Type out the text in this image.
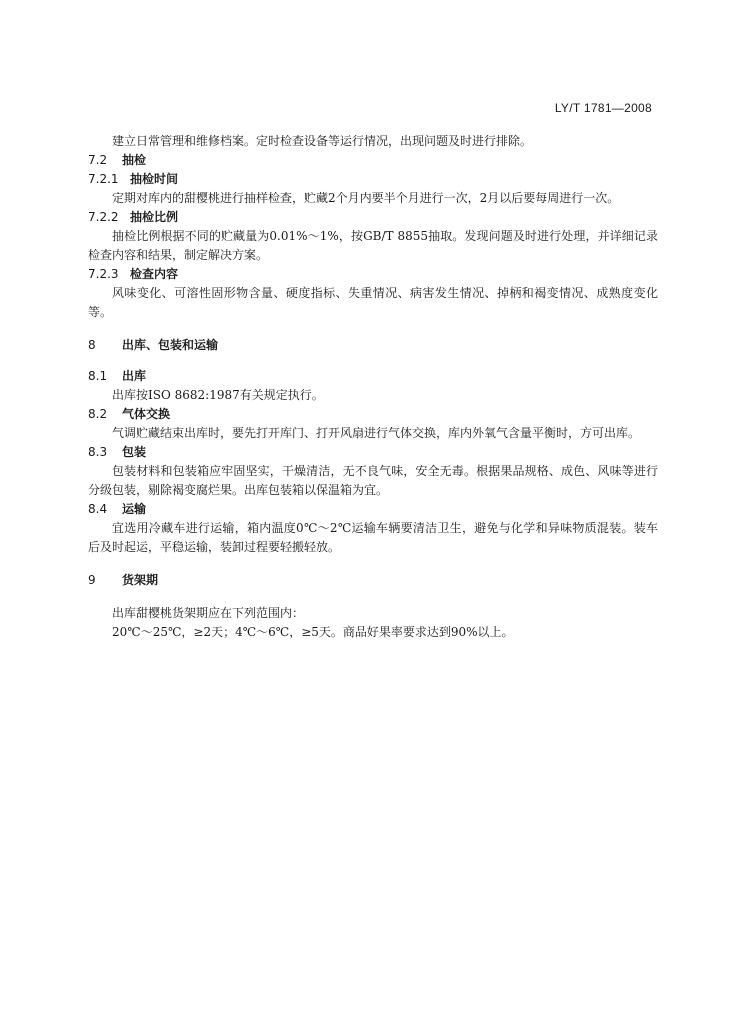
LY/T 1781—2008

建立日常管理和维修档案。定时检查设备等运行情况，出现问题及时进行排除。

7.2 抽检
7.2.1 抽检时间

定期对库内的甜樱桃进行抽样检查，贮藏2个月内要半个月进行一次，2月以后要每周进行一次。

7.2.2 抽检比例

抽检比例根据不同的贮藏量为0.01%～1%，按GB/T 8855抽取。发现问题及时进行处理，并详细记录检查内容和结果，制定解决方案。

7.2.3 检查内容

风味变化、可溶性固形物含量、硬度指标、失重情况、病害发生情况、掉柄和褐变情况、成熟度变化等。

8 出库、包装和运输
8.1 出库

出库按ISO 8682:1987有关规定执行。

8.2 气体交换

气调贮藏结束出库时，要先打开库门、打开风扇进行气体交换，库内外氧气含量平衡时，方可出库。

8.3 包装

包装材料和包装箱应牢固坚实，干燥清洁，无不良气味，安全无毒。根据果品规格、成色、风味等进行分级包装，剔除褐变腐烂果。出库包装箱以保温箱为宜。

8.4 运输

宜选用冷藏车进行运输，箱内温度0℃～2℃运输车辆要清洁卫生，避免与化学和异味物质混装。装车后及时起运，平稳运输，装卸过程要轻搬轻放。

9 货架期

出库甜樱桃货架期应在下列范围内：

20℃～25℃，≥2天；4℃～6℃，≥5天。商品好果率要求达到90%以上。
